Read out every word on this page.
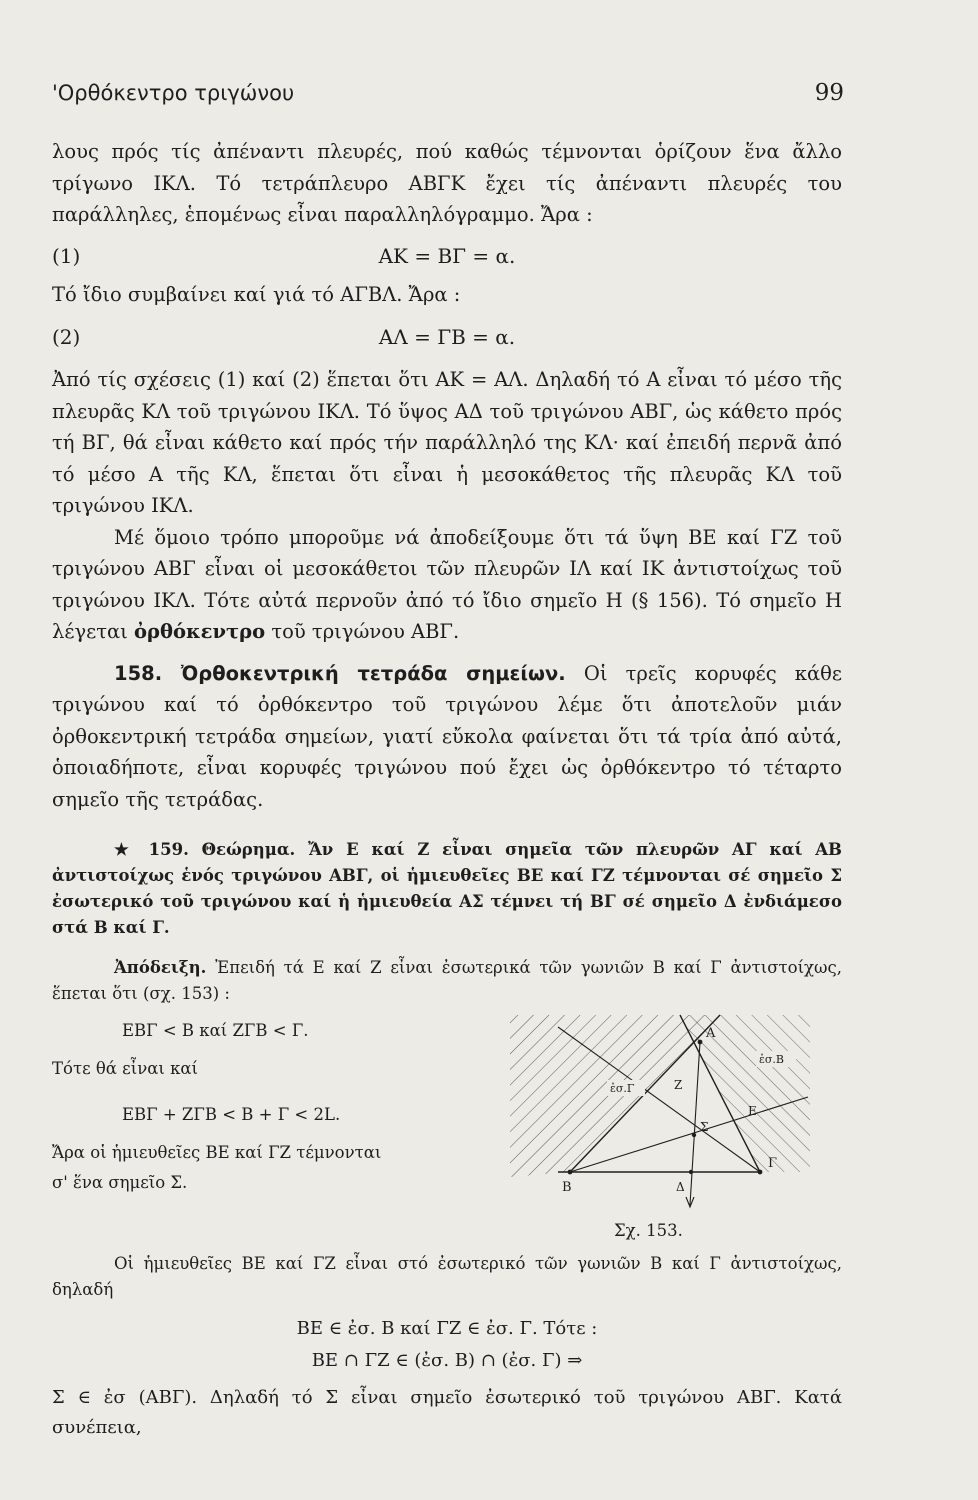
'Ορθόκεντρο τριγώνου	99

λους πρός τίς ἀπέναντι πλευρές, πού καθώς τέμνονται ὁρίζουν ἕνα ἄλλο τρίγωνο ΙΚΛ. Τό τετράπλευρο ΑΒΓΚ ἔχει τίς ἀπέναντι πλευρές του παράλληλες, ἑπομένως εἶναι παραλληλόγραμμο. Ἄρα :

(1)	ΑΚ = ΒΓ = α.

Τό ἴδιο συμβαίνει καί γιά τό ΑΓΒΛ. Ἄρα :

(2)	ΑΛ = ΓΒ = α.

Ἀπό τίς σχέσεις (1) καί (2) ἕπεται ὅτι ΑΚ = ΑΛ. Δηλαδή τό Α εἶναι τό μέσο τῆς πλευρᾶς ΚΛ τοῦ τριγώνου ΙΚΛ. Τό ὕψος ΑΔ τοῦ τριγώνου ΑΒΓ, ὡς κάθετο πρός τή ΒΓ, θά εἶναι κάθετο καί πρός τήν παράλληλό της ΚΛ· καί ἐπειδή περνᾶ ἀπό τό μέσο Α τῆς ΚΛ, ἕπεται ὅτι εἶναι ἡ μεσοκάθετος τῆς πλευρᾶς ΚΛ τοῦ τριγώνου ΙΚΛ.

Μέ ὅμοιο τρόπο μποροῦμε νά ἀποδείξουμε ὅτι τά ὕψη ΒΕ καί ΓΖ τοῦ τριγώνου ΑΒΓ εἶναι οἱ μεσοκάθετοι τῶν πλευρῶν ΙΛ καί ΙΚ ἀντιστοίχως τοῦ τριγώνου ΙΚΛ. Τότε αὐτά περνοῦν ἀπό τό ἴδιο σημεῖο Η (§ 156). Τό σημεῖο Η λέγεται ὀρθόκεντρο τοῦ τριγώνου ΑΒΓ.

158. Ὀρθοκεντρική τετράδα σημείων. Οἱ τρεῖς κορυφές κάθε τριγώνου καί τό ὀρθόκεντρο τοῦ τριγώνου λέμε ὅτι ἀποτελοῦν μιάν ὀρθοκεντρική τετράδα σημείων, γιατί εὔκολα φαίνεται ὅτι τά τρία ἀπό αὐτά, ὁποιαδήποτε, εἶναι κορυφές τριγώνου πού ἔχει ὡς ὀρθόκεντρο τό τέταρτο σημεῖο τῆς τετράδας.

★ 159. Θεώρημα. Ἄν Ε καί Ζ εἶναι σημεῖα τῶν πλευρῶν ΑΓ καί ΑΒ ἀντιστοίχως ἑνός τριγώνου ΑΒΓ, οἱ ἡμιευθεῖες ΒΕ καί ΓΖ τέμνονται σέ σημεῖο Σ ἐσωτερικό τοῦ τριγώνου καί ἡ ἡμιευθεία ΑΣ τέμνει τή ΒΓ σέ σημεῖο Δ ἐνδιάμεσο στά Β καί Γ.

Ἀπόδειξη. Ἐπειδή τά Ε καί Ζ εἶναι ἐσωτερικά τῶν γωνιῶν Β καί Γ ἀντιστοίχως, ἕπεται ὅτι (σχ. 153) :

ΕΒΓ < Β καί ΖΓΒ < Γ.
Τότε θά εἶναι καί
ΕΒΓ + ΖΓΒ < Β + Γ < 2L.
Ἄρα οἱ ἡμιευθεῖες ΒΕ καί ΓΖ τέμνονται
σ' ἕνα σημεῖο Σ.
Α
Β
Γ
Δ
Ε
Ζ
Σ
ἐσ.Γ
ἐσ.Β
Σχ. 153.

Οἱ ἡμιευθεῖες ΒΕ καί ΓΖ εἶναι στό ἐσωτερικό τῶν γωνιῶν Β καί Γ ἀντιστοίχως, δηλαδή

ΒΕ ∈ ἐσ. Β καί ΓΖ ∈ ἐσ. Γ. Τότε :
ΒΕ ∩ ΓΖ ∈ (ἐσ. Β) ∩ (ἐσ. Γ) ⇒

Σ ∈ ἐσ (ΑΒΓ). Δηλαδή τό Σ εἶναι σημεῖο ἐσωτερικό τοῦ τριγώνου ΑΒΓ. Κατά συνέπεια,
